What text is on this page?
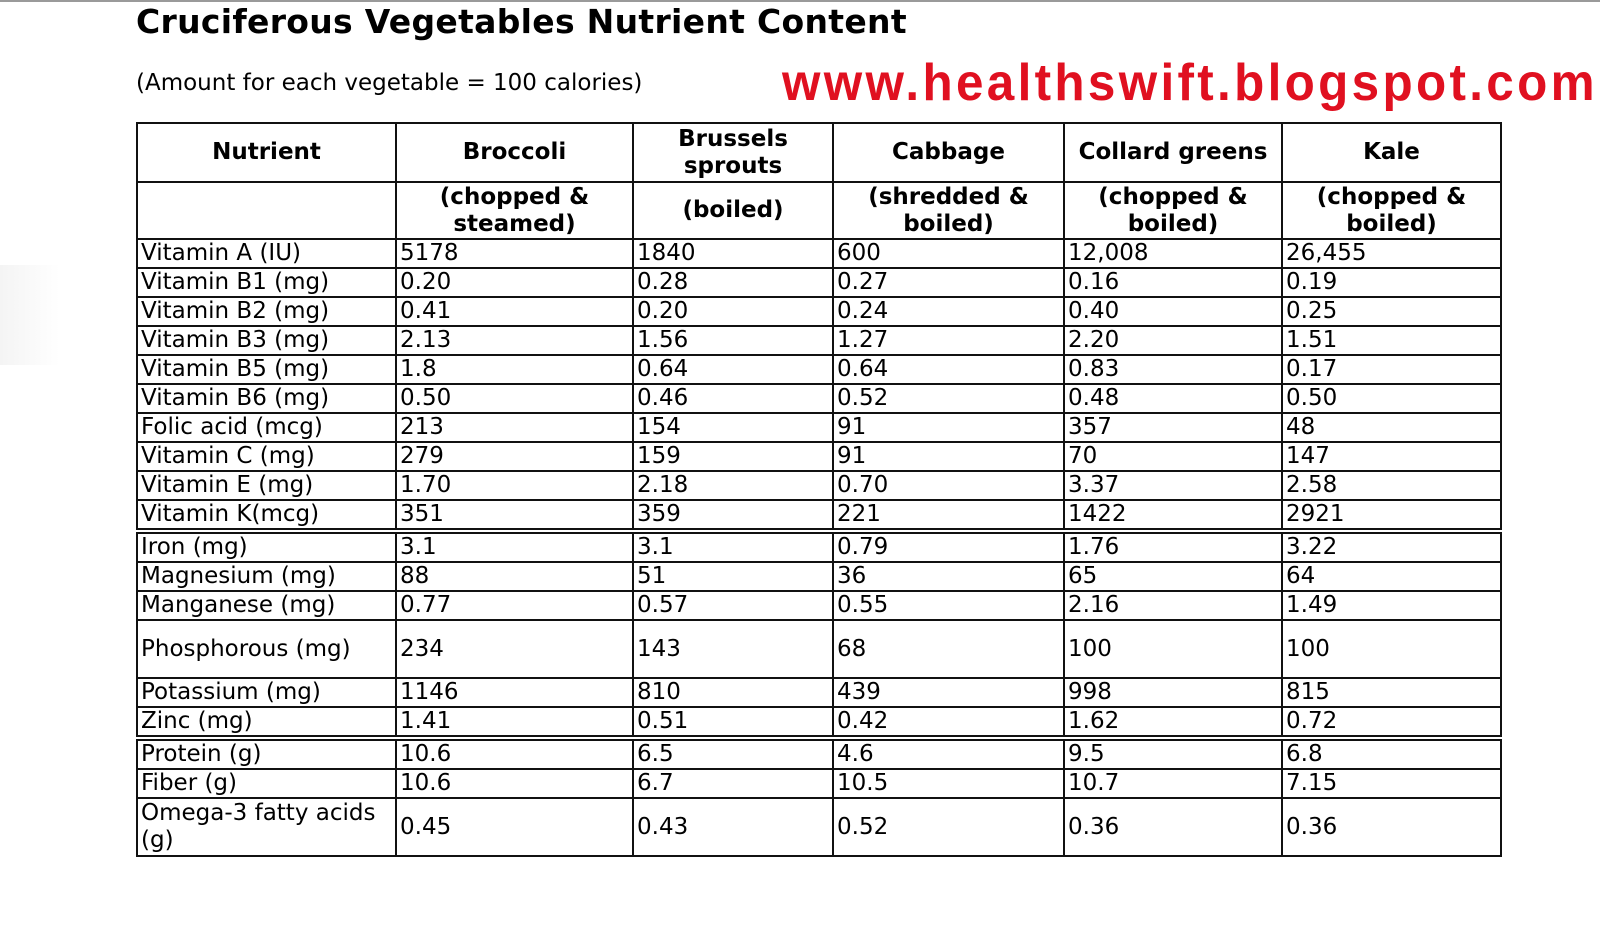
Cruciferous Vegetables Nutrient Content
(Amount for each vegetable = 100 calories)	www.healthswift.blogspot.com
Nutrient	Broccoli	Brussels sprouts	Cabbage	Collard greens	Kale
	(chopped & steamed)	(boiled)	(shredded & boiled)	(chopped & boiled)	(chopped & boiled)
Vitamin A (IU)	5178	1840	600	12,008	26,455
Vitamin B1 (mg)	0.20	0.28	0.27	0.16	0.19
Vitamin B2 (mg)	0.41	0.20	0.24	0.40	0.25
Vitamin B3 (mg)	2.13	1.56	1.27	2.20	1.51
Vitamin B5 (mg)	1.8	0.64	0.64	0.83	0.17
Vitamin B6 (mg)	0.50	0.46	0.52	0.48	0.50
Folic acid (mcg)	213	154	91	357	48
Vitamin C (mg)	279	159	91	70	147
Vitamin E (mg)	1.70	2.18	0.70	3.37	2.58
Vitamin K(mcg)	351	359	221	1422	2921
Iron (mg)	3.1	3.1	0.79	1.76	3.22
Magnesium (mg)	88	51	36	65	64
Manganese (mg)	0.77	0.57	0.55	2.16	1.49
Phosphorous (mg)	234	143	68	100	100
Potassium (mg)	1146	810	439	998	815
Zinc (mg)	1.41	0.51	0.42	1.62	0.72
Protein (g)	10.6	6.5	4.6	9.5	6.8
Fiber (g)	10.6	6.7	10.5	10.7	7.15
Omega-3 fatty acids (g)	0.45	0.43	0.52	0.36	0.36
